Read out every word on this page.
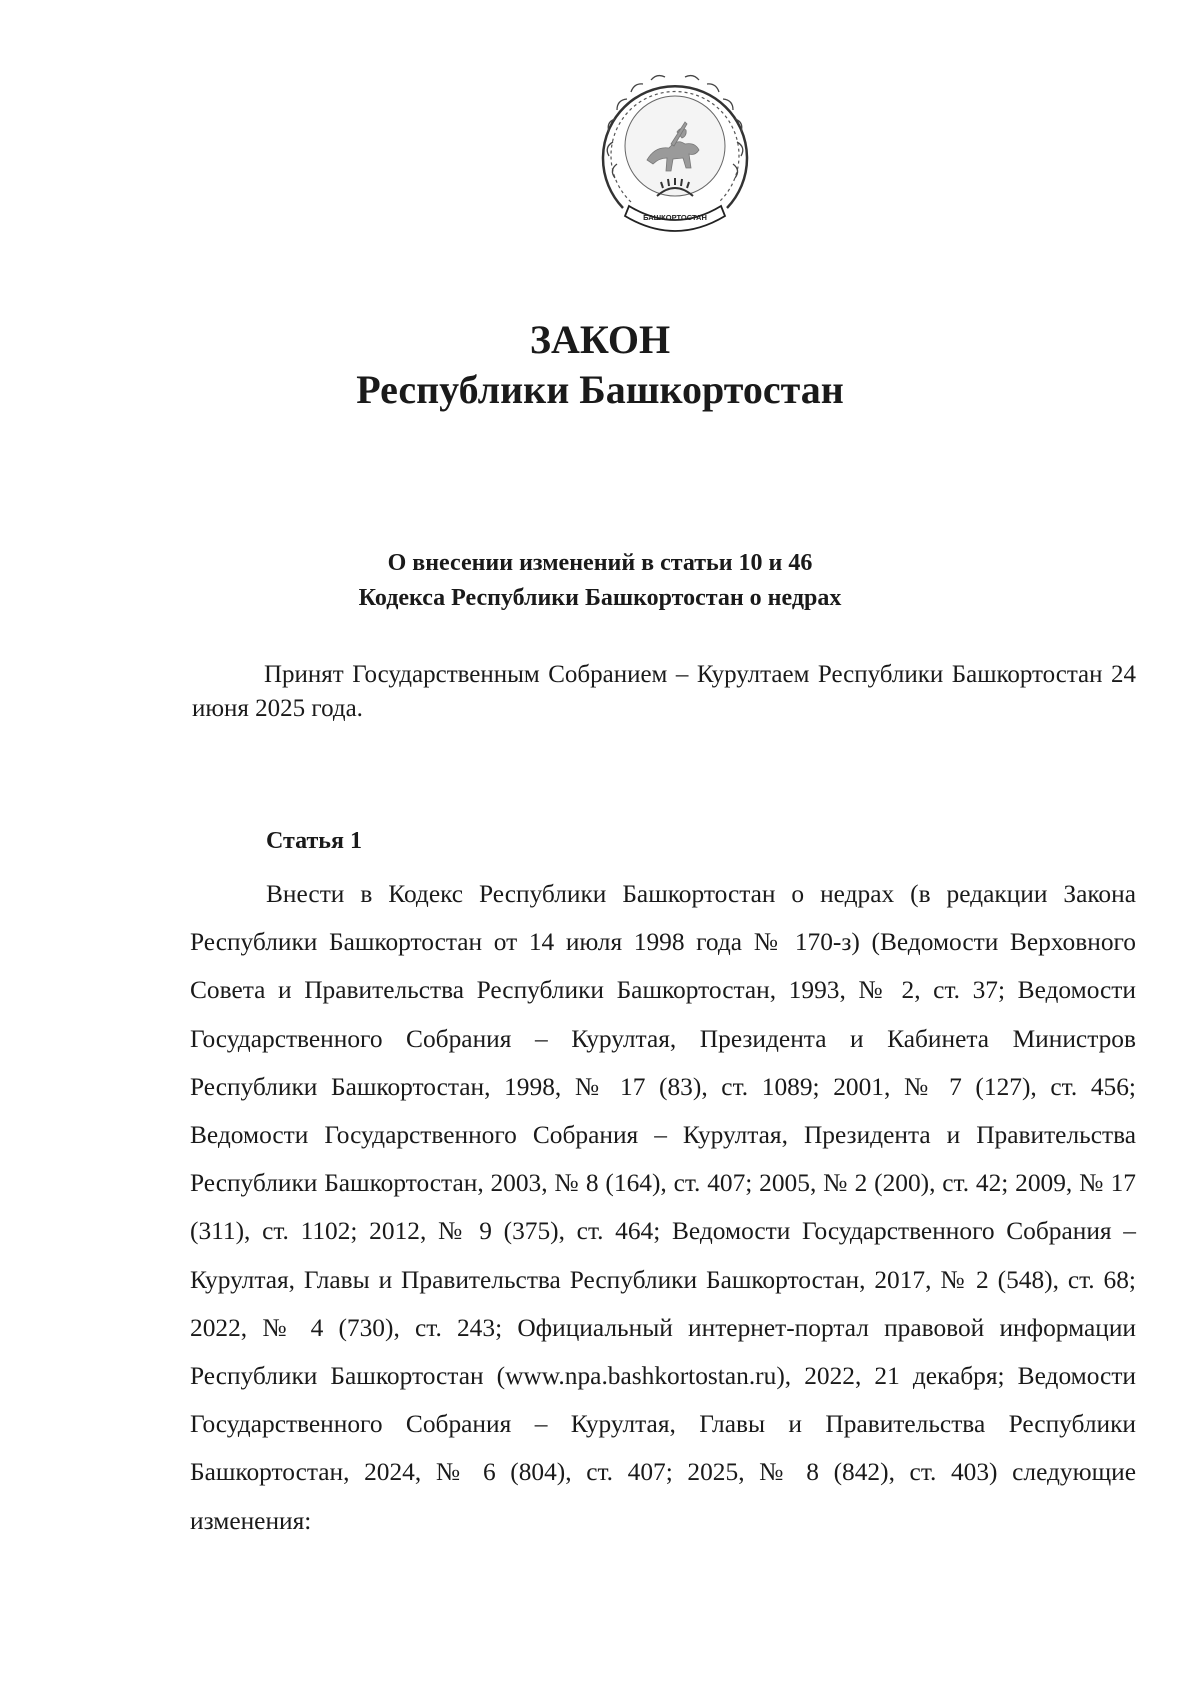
БАШКОРТОСТАН
ЗАКОН
Республики Башкортостан
О внесении изменений в статьи 10 и 46
Кодекса Республики Башкортостан о недрах
Принят Государственным Собранием – Курултаем Республики Башкортостан 24 июня 2025 года.
Статья 1
Внести в Кодекс Республики Башкортостан о недрах (в редакции Закона Республики Башкортостан от 14 июля 1998 года № 170-з) (Ведомости Верховного Совета и Правительства Республики Башкортостан, 1993, № 2, ст. 37; Ведомости Государственного Собрания – Курултая, Президента и Кабинета Министров Республики Башкортостан, 1998, № 17 (83), ст. 1089; 2001, № 7 (127), ст. 456; Ведомости Государственного Собрания – Курултая, Президента и Правительства Республики Башкортостан, 2003, № 8 (164), ст. 407; 2005, № 2 (200), ст. 42; 2009, № 17 (311), ст. 1102; 2012, № 9 (375), ст. 464; Ведомости Государственного Собрания – Курултая, Главы и Правительства Республики Башкортостан, 2017, № 2 (548), ст. 68; 2022, № 4 (730), ст. 243; Официальный интернет-портал правовой информации Республики Башкортостан (www.npa.bashkortostan.ru), 2022, 21 декабря; Ведомости Государственного Собрания – Курултая, Главы и Правительства Республики Башкортостан, 2024, № 6 (804), ст. 407; 2025, № 8 (842), ст. 403) следующие изменения:
